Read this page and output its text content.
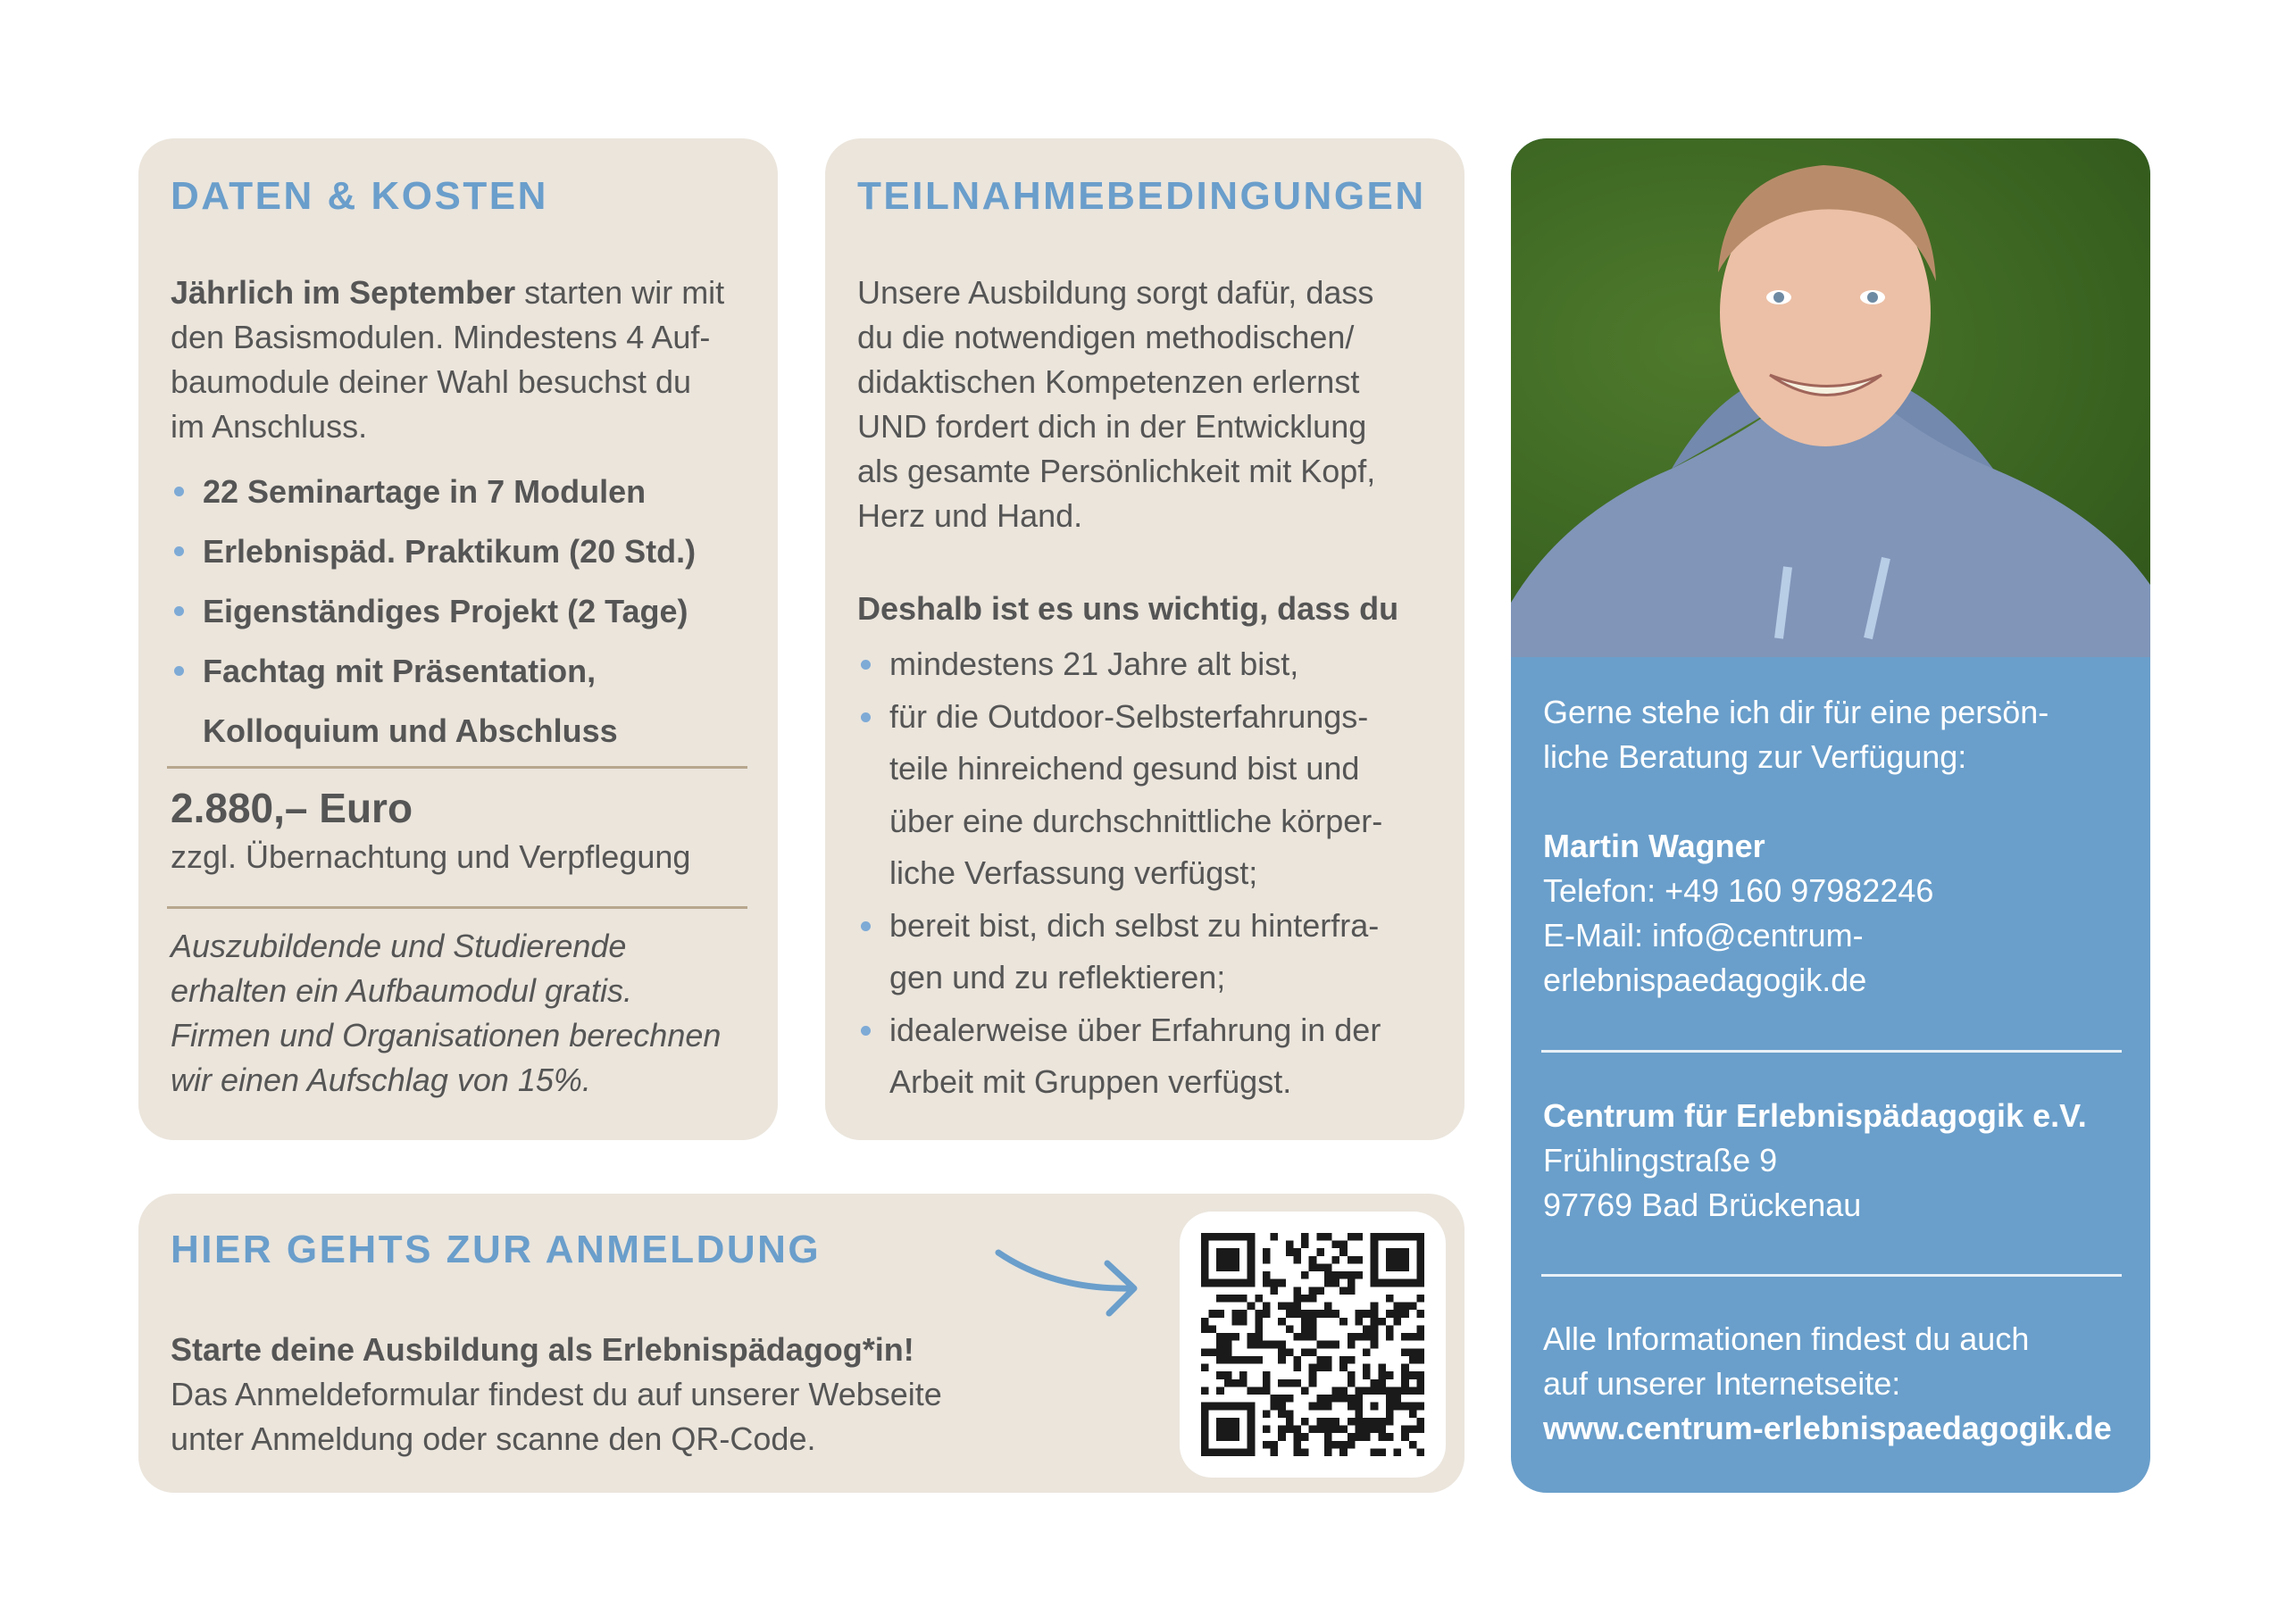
DATEN & KOSTEN
Jährlich im September starten wir mit
den Basismodulen. Mindestens 4 Auf-
baumodule deiner Wahl besuchst du
im Anschluss.
22 Seminartage in 7 Modulen
Erlebnispäd. Praktikum (20 Std.)
Eigenständiges Projekt (2 Tage)
Fachtag mit Präsentation,
Kolloquium und Abschluss
2.880,– Euro
zzgl. Übernachtung und Verpflegung
Auszubildende und Studierende
erhalten ein Aufbaumodul gratis.
Firmen und Organisationen berechnen
wir einen Aufschlag von 15%.
TEILNAHMEBEDINGUNGEN
Unsere Ausbildung sorgt dafür, dass
du die notwendigen methodischen/
didaktischen Kompetenzen erlernst
UND fordert dich in der Entwicklung
als gesamte Persönlichkeit mit Kopf,
Herz und Hand.
Deshalb ist es uns wichtig, dass du
mindestens 21 Jahre alt bist,
für die Outdoor-Selbsterfahrungs-
teile hinreichend gesund bist und
über eine durchschnittliche körper-
liche Verfassung verfügst;
bereit bist, dich selbst zu hinterfra-
gen und zu reflektieren;
idealerweise über Erfahrung in der
Arbeit mit Gruppen verfügst.
HIER GEHTS ZUR ANMELDUNG
Starte deine Ausbildung als Erlebnispädagog*in!
Das Anmeldeformular findest du auf unserer Webseite
unter Anmeldung oder scanne den QR-Code.
Gerne stehe ich dir für eine persön-
liche Beratung zur Verfügung:
Martin Wagner
Telefon: +49 160 97982246
E-Mail: info@centrum-
erlebnispaedagogik.de
Centrum für Erlebnispädagogik e.V.
Frühlingstraße 9
97769 Bad Brückenau
Alle Informationen findest du auch
auf unserer Internetseite:
www.centrum-erlebnispaedagogik.de
